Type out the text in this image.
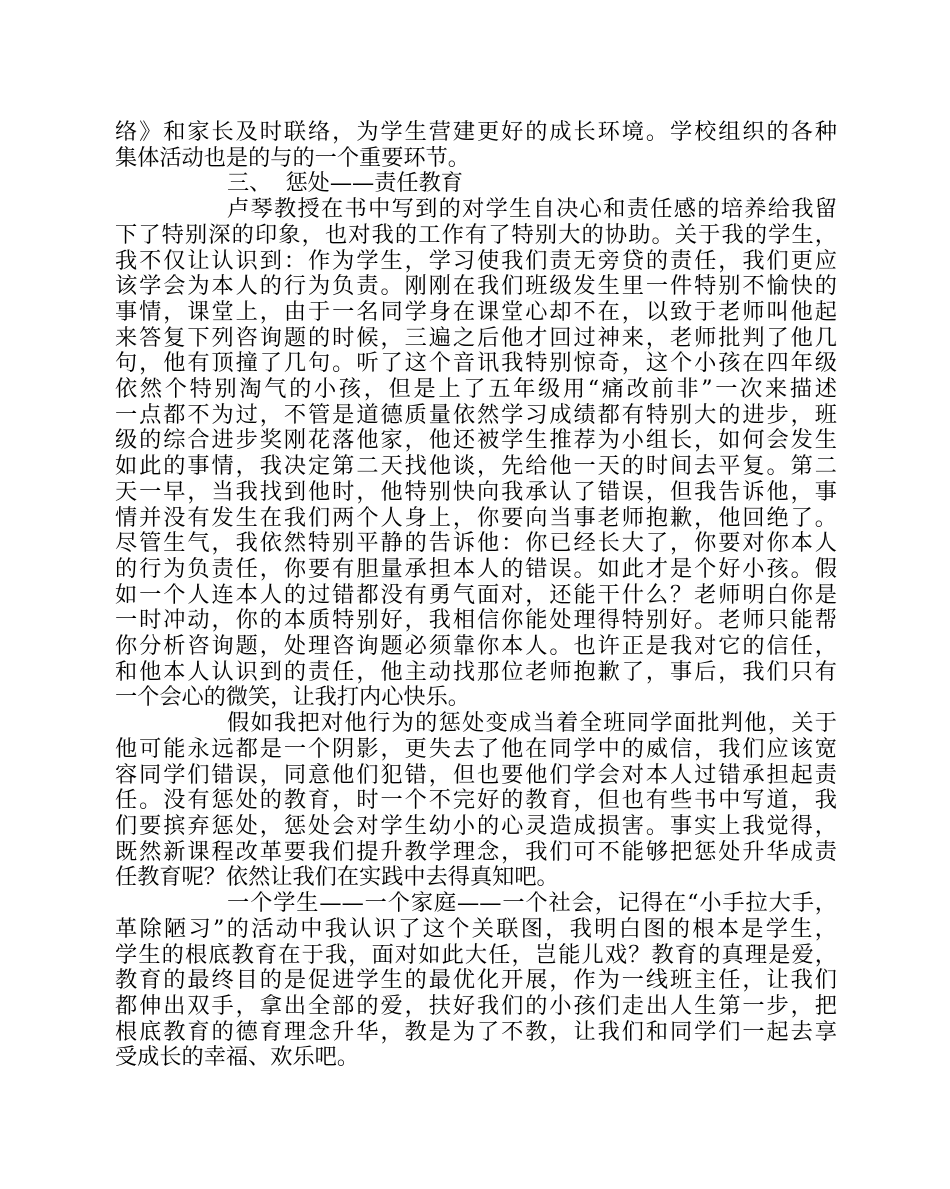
络》和家长及时联络，为学生营建更好的成长环境。学校组织的各种
集体活动也是的与的一个重要环节。
三、  惩处——责任教育
卢琴教授在书中写到的对学生自决心和责任感的培养给我留
下了特别深的印象，也对我的工作有了特别大的协助。关于我的学生，
我不仅让认识到：作为学生，学习使我们责无旁贷的责任，我们更应
该学会为本人的行为负责。刚刚在我们班级发生里一件特别不愉快的
事情，课堂上，由于一名同学身在课堂心却不在，以致于老师叫他起
来答复下列咨询题的时候，三遍之后他才回过神来，老师批判了他几
句，他有顶撞了几句。听了这个音讯我特别惊奇，这个小孩在四年级
依然个特别淘气的小孩，但是上了五年级用“痛改前非”一次来描述
一点都不为过，不管是道德质量依然学习成绩都有特别大的进步，班
级的综合进步奖刚花落他家，他还被学生推荐为小组长，如何会发生
如此的事情，我决定第二天找他谈，先给他一天的时间去平复。第二
天一早，当我找到他时，他特别快向我承认了错误，但我告诉他，事
情并没有发生在我们两个人身上，你要向当事老师抱歉，他回绝了。
尽管生气，我依然特别平静的告诉他：你已经长大了，你要对你本人
的行为负责任，你要有胆量承担本人的错误。如此才是个好小孩。假
如一个人连本人的过错都没有勇气面对，还能干什么？老师明白你是
一时冲动，你的本质特别好，我相信你能处理得特别好。老师只能帮
你分析咨询题，处理咨询题必须靠你本人。也许正是我对它的信任，
和他本人认识到的责任，他主动找那位老师抱歉了，事后，我们只有
一个会心的微笑，让我打内心快乐。
假如我把对他行为的惩处变成当着全班同学面批判他，关于
他可能永远都是一个阴影，更失去了他在同学中的威信，我们应该宽
容同学们错误，同意他们犯错，但也要他们学会对本人过错承担起责
任。没有惩处的教育，时一个不完好的教育，但也有些书中写道，我
们要摈弃惩处，惩处会对学生幼小的心灵造成损害。事实上我觉得，
既然新课程改革要我们提升教学理念，我们可不能够把惩处升华成责
任教育呢？依然让我们在实践中去得真知吧。
一个学生——一个家庭——一个社会，记得在“小手拉大手，
革除陋习”的活动中我认识了这个关联图，我明白图的根本是学生，
学生的根底教育在于我，面对如此大任，岂能儿戏？教育的真理是爱，
教育的最终目的是促进学生的最优化开展，作为一线班主任，让我们
都伸出双手，拿出全部的爱，扶好我们的小孩们走出人生第一步，把
根底教育的德育理念升华，教是为了不教，让我们和同学们一起去享
受成长的幸福、欢乐吧。
